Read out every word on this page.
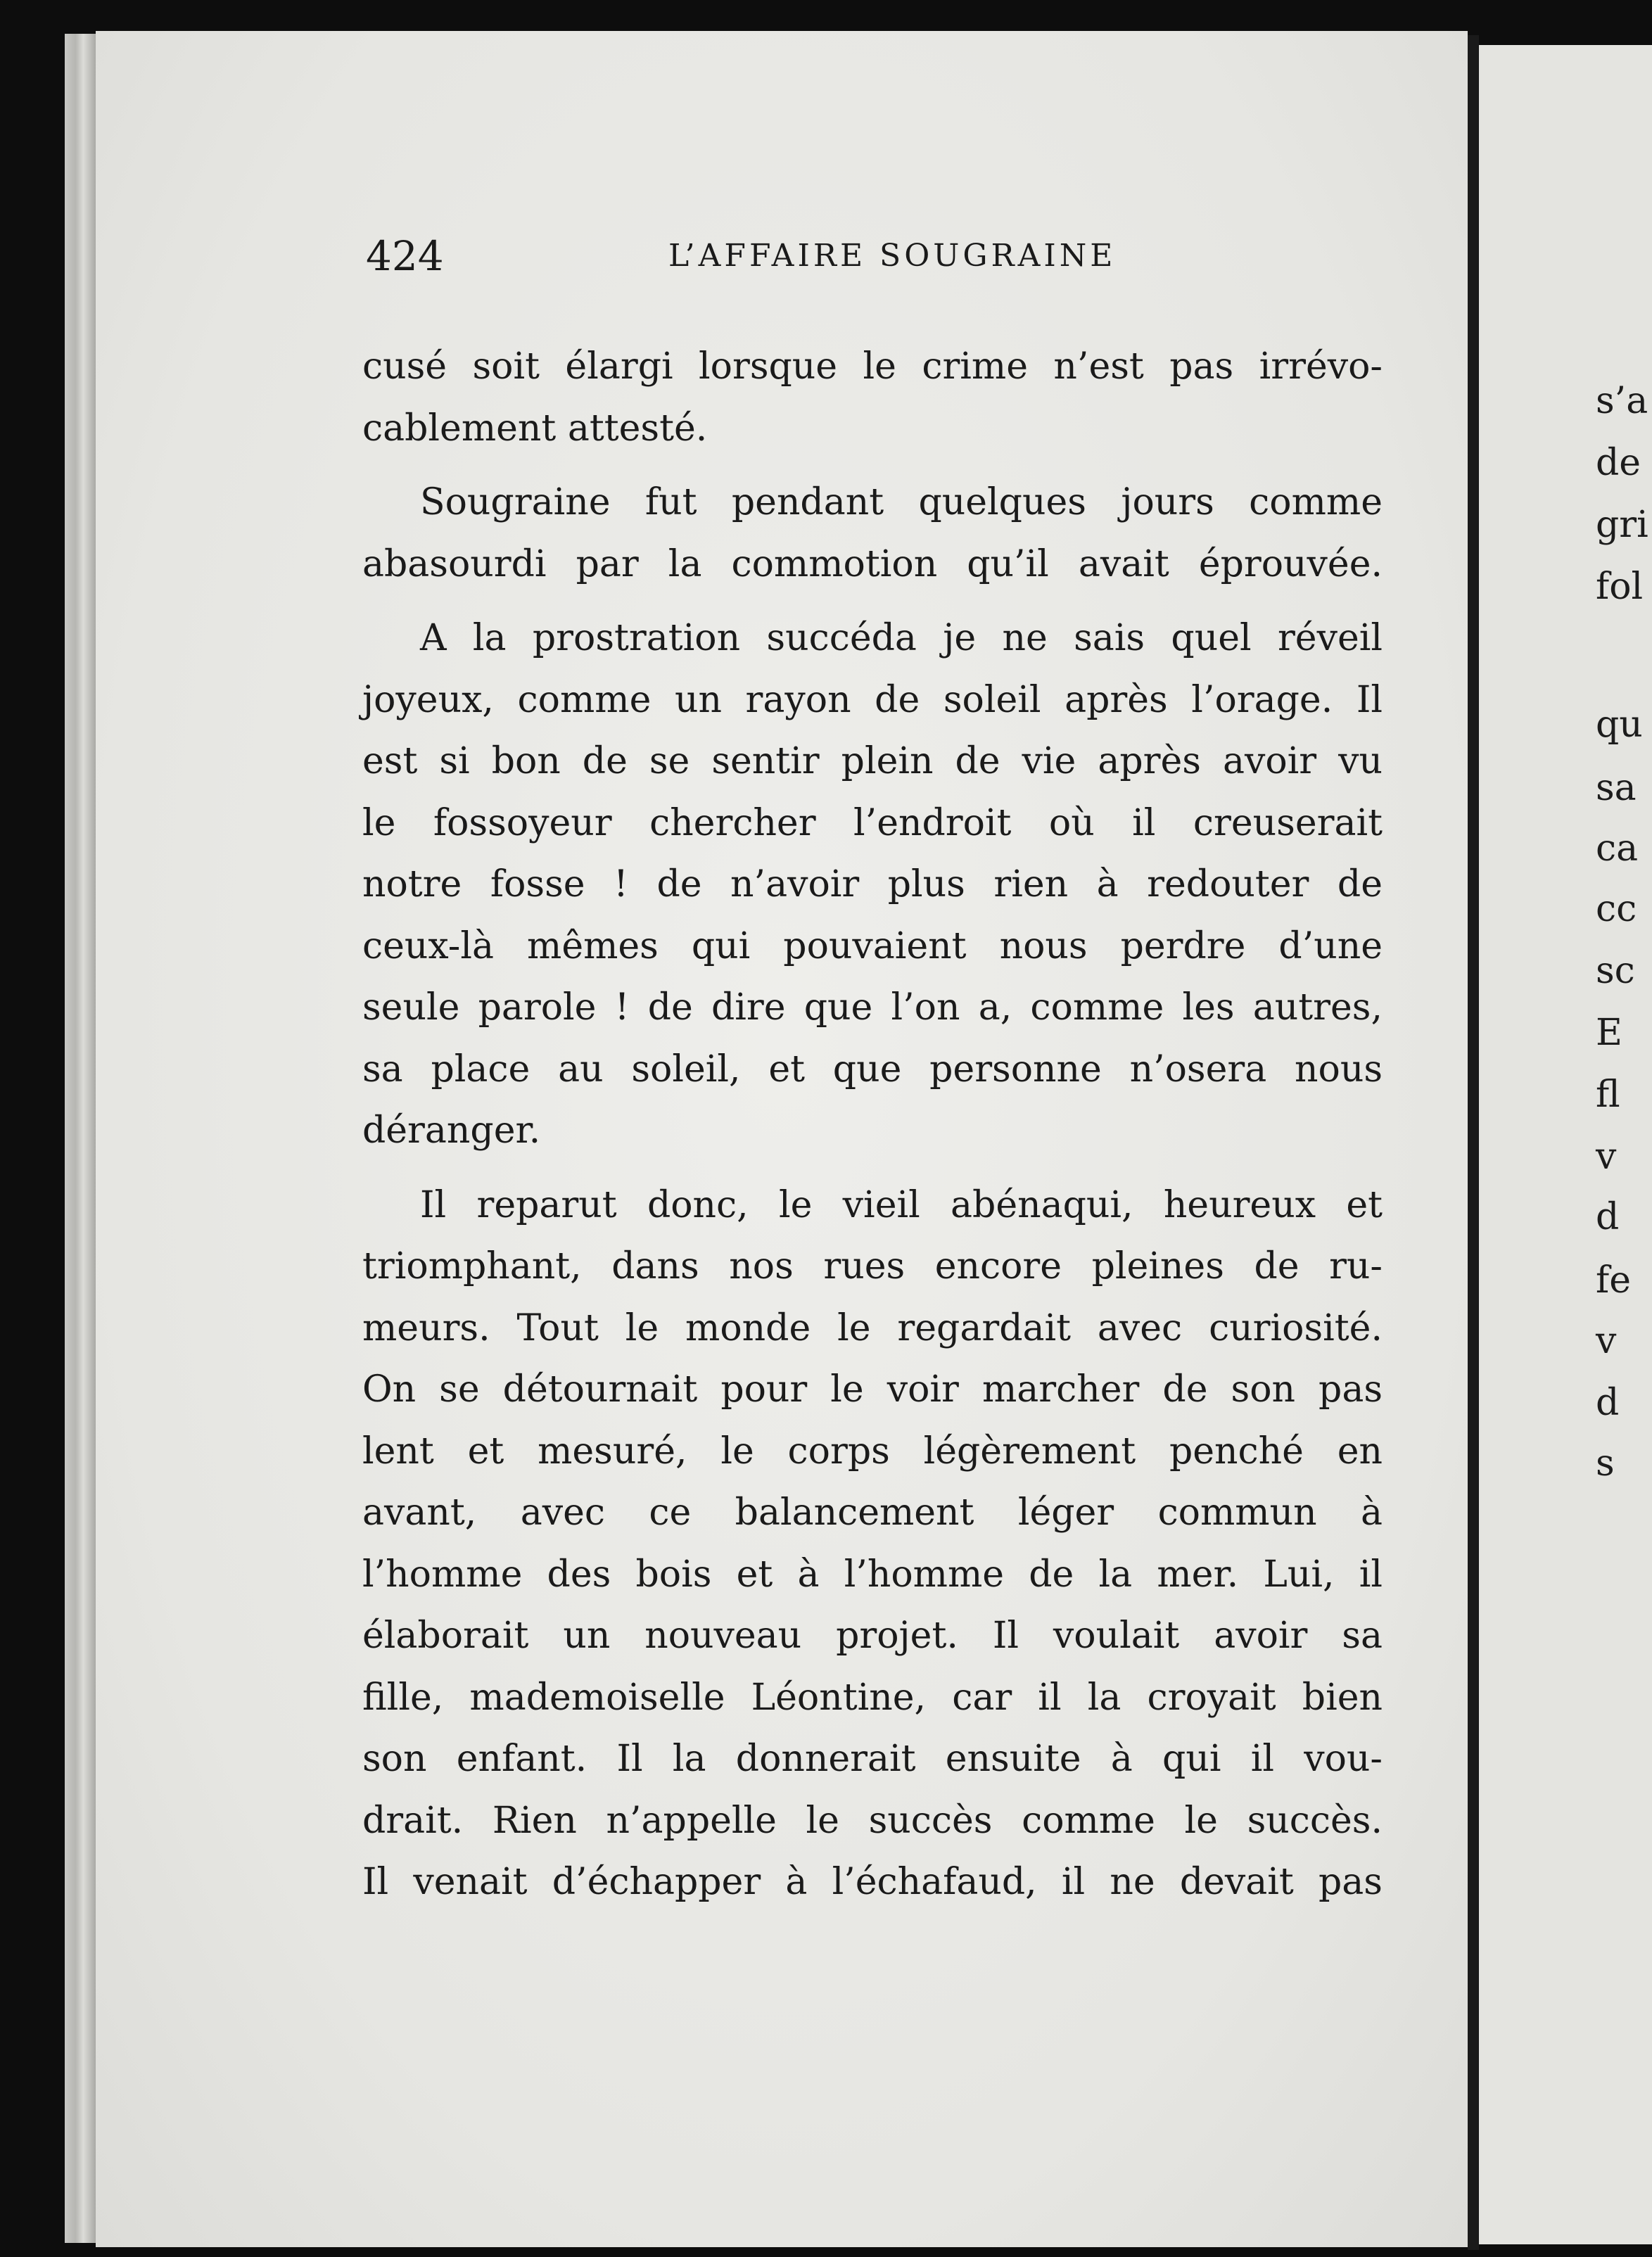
424	L’AFFAIRE SOUGRAINE
cusé soit élargi lorsque le crime n’est pas irrévo-
cablement attesté.
Sougraine fut pendant quelques jours comme
abasourdi par la commotion qu’il avait éprouvée.
A la prostration succéda je ne sais quel réveil
joyeux, comme un rayon de soleil après l’orage. Il
est si bon de se sentir plein de vie après avoir vu
le fossoyeur chercher l’endroit où il creuserait
notre fosse ! de n’avoir plus rien à redouter de
ceux-là mêmes qui pouvaient nous perdre d’une
seule parole ! de dire que l’on a, comme les autres,
sa place au soleil, et que personne n’osera nous
déranger.
Il reparut donc, le vieil abénaqui, heureux et
triomphant, dans nos rues encore pleines de ru-
meurs. Tout le monde le regardait avec curiosité.
On se détournait pour le voir marcher de son pas
lent et mesuré, le corps légèrement penché en
avant, avec ce balancement léger commun à
l’homme des bois et à l’homme de la mer. Lui, il
élaborait un nouveau projet. Il voulait avoir sa
fille, mademoiselle Léontine, car il la croyait bien
son enfant. Il la donnerait ensuite à qui il vou-
drait. Rien n’appelle le succès comme le succès.
Il venait d’échapper à l’échafaud, il ne devait pas
s’a
de
gri
fol
qu
sa
ca
cc
sc
E
fl
v
d
fe
v
d
s
